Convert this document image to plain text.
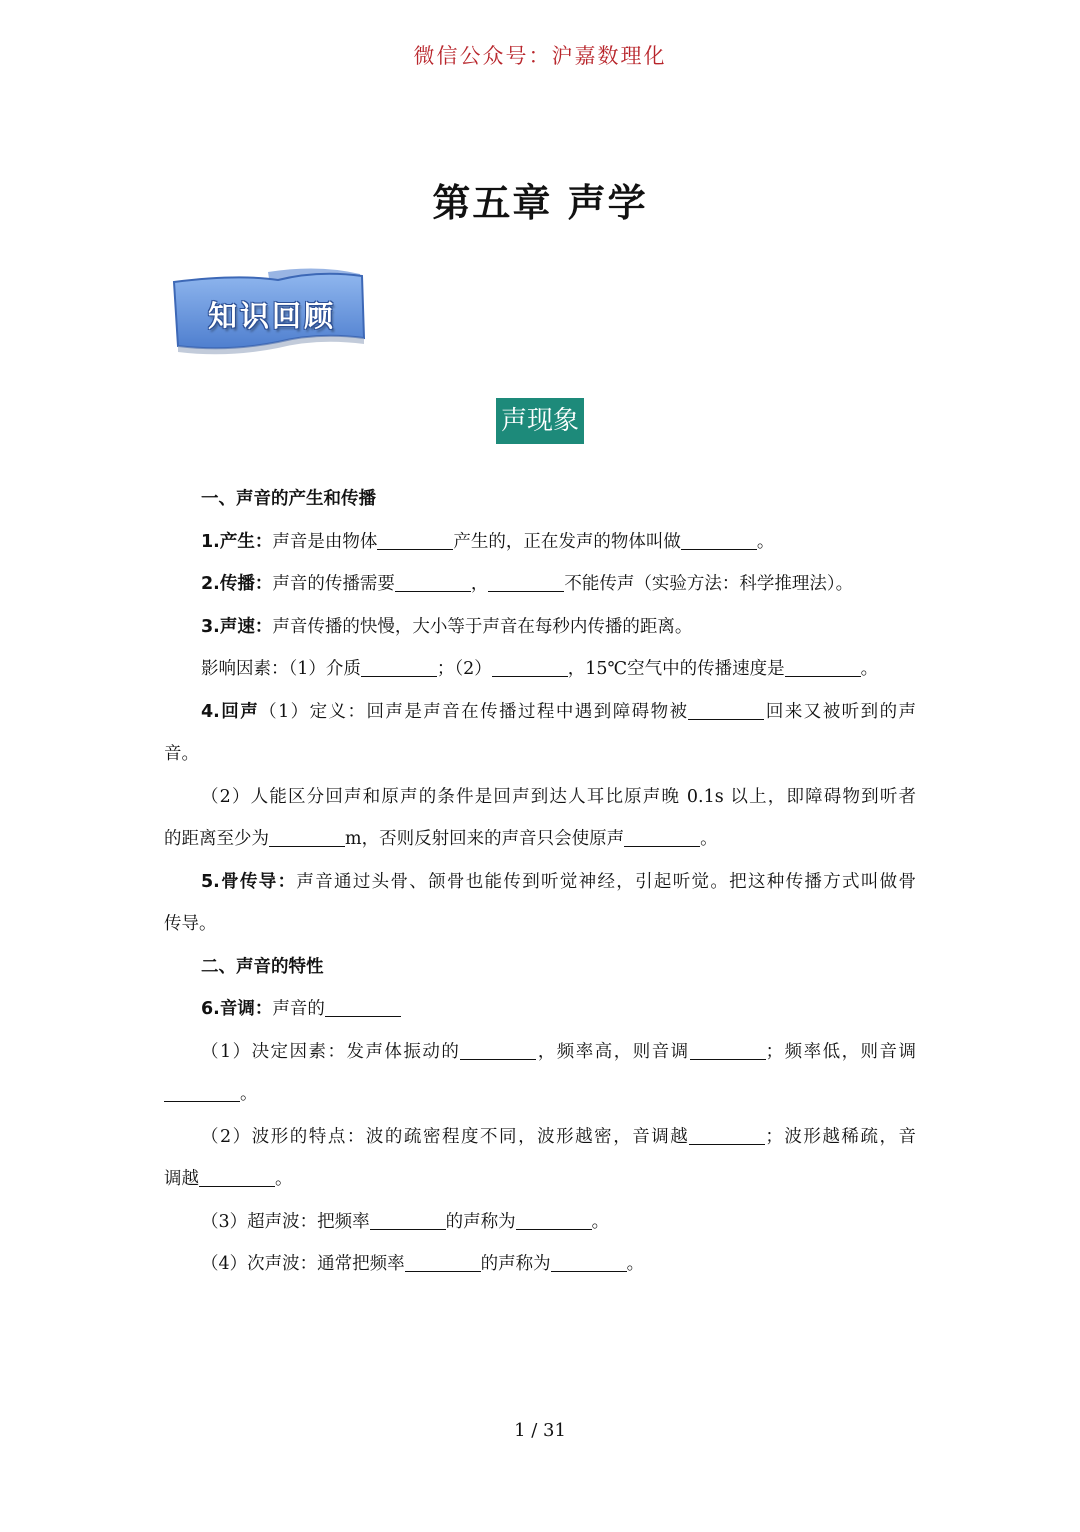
微信公众号：沪嘉数理化
第五章 声学
知识回顾
声现象
一、声音的产生和传播
1.产生：声音是由物体	产生的，正在发声的物体叫做	。
2.传播：声音的传播需要	，	不能传声（实验方法：科学推理法）。
3.声速：声音传播的快慢，大小等于声音在每秒内传播的距离。
影响因素：（1）介质	；（2）	，15℃空气中的传播速度是	。
4.回声（1）定义：回声是声音在传播过程中遇到障碍物被	回来又被听到的声
音。
（2）人能区分回声和原声的条件是回声到达人耳比原声晚 0.1s 以上，即障碍物到听者
的距离至少为	m，否则反射回来的声音只会使原声	。
5.骨传导：声音通过头骨、颌骨也能传到听觉神经，引起听觉。把这种传播方式叫做骨
传导。
二、声音的特性
6.音调：声音的
（1）决定因素：发声体振动的	，频率高，则音调	；频率低，则音调
。
（2）波形的特点：波的疏密程度不同，波形越密，音调越	；波形越稀疏，音
调越	。
（3）超声波：把频率	的声称为	。
（4）次声波：通常把频率	的声称为	。
1 / 31
